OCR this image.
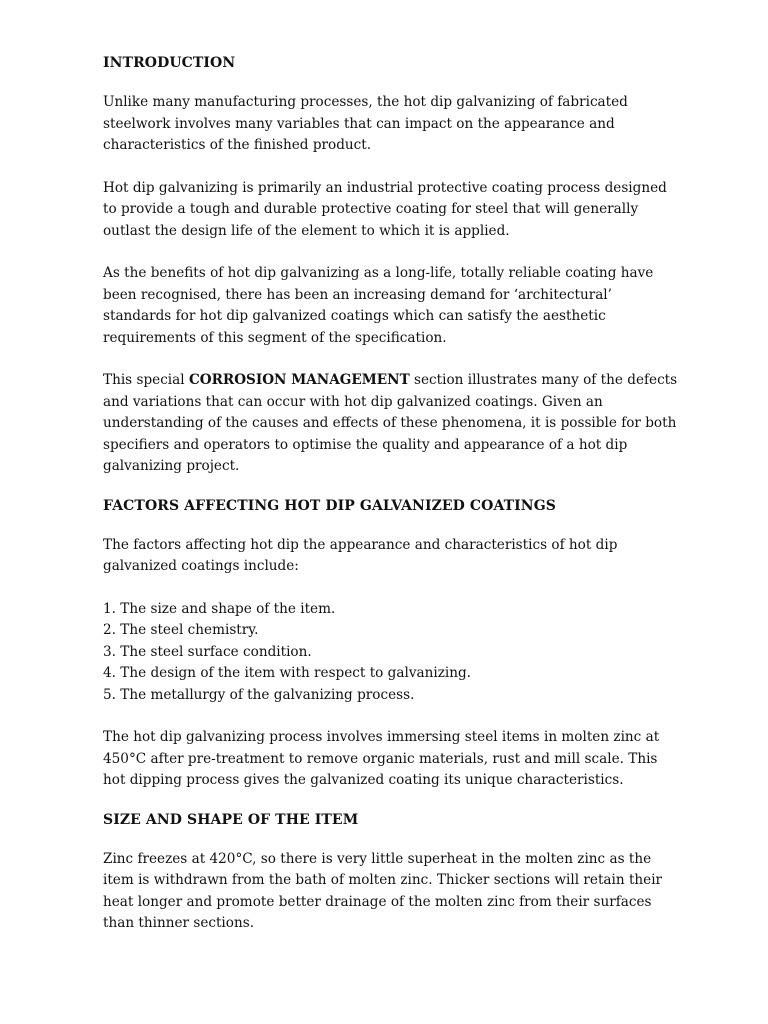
INTRODUCTION

Unlike many manufacturing processes, the hot dip galvanizing of fabricated steelwork involves many variables that can impact on the appearance and characteristics of the finished product.

Hot dip galvanizing is primarily an industrial protective coating process designed to provide a tough and durable protective coating for steel that will generally outlast the design life of the element to which it is applied.

As the benefits of hot dip galvanizing as a long-life, totally reliable coating have been recognised, there has been an increasing demand for ‘architectural’ standards for hot dip galvanized coatings which can satisfy the aesthetic requirements of this segment of the specification.

This special CORROSION MANAGEMENT section illustrates many of the defects and variations that can occur with hot dip galvanized coatings. Given an understanding of the causes and effects of these phenomena, it is possible for both specifiers and operators to optimise the quality and appearance of a hot dip galvanizing project.

FACTORS AFFECTING HOT DIP GALVANIZED COATINGS

The factors affecting hot dip the appearance and characteristics of hot dip galvanized coatings include:

1. The size and shape of the item.
2. The steel chemistry.
3. The steel surface condition.
4. The design of the item with respect to galvanizing.
5. The metallurgy of the galvanizing process.

The hot dip galvanizing process involves immersing steel items in molten zinc at 450°C after pre-treatment to remove organic materials, rust and mill scale. This hot dipping process gives the galvanized coating its unique characteristics.

SIZE AND SHAPE OF THE ITEM

Zinc freezes at 420°C, so there is very little superheat in the molten zinc as the item is withdrawn from the bath of molten zinc. Thicker sections will retain their heat longer and promote better drainage of the molten zinc from their surfaces than thinner sections.
